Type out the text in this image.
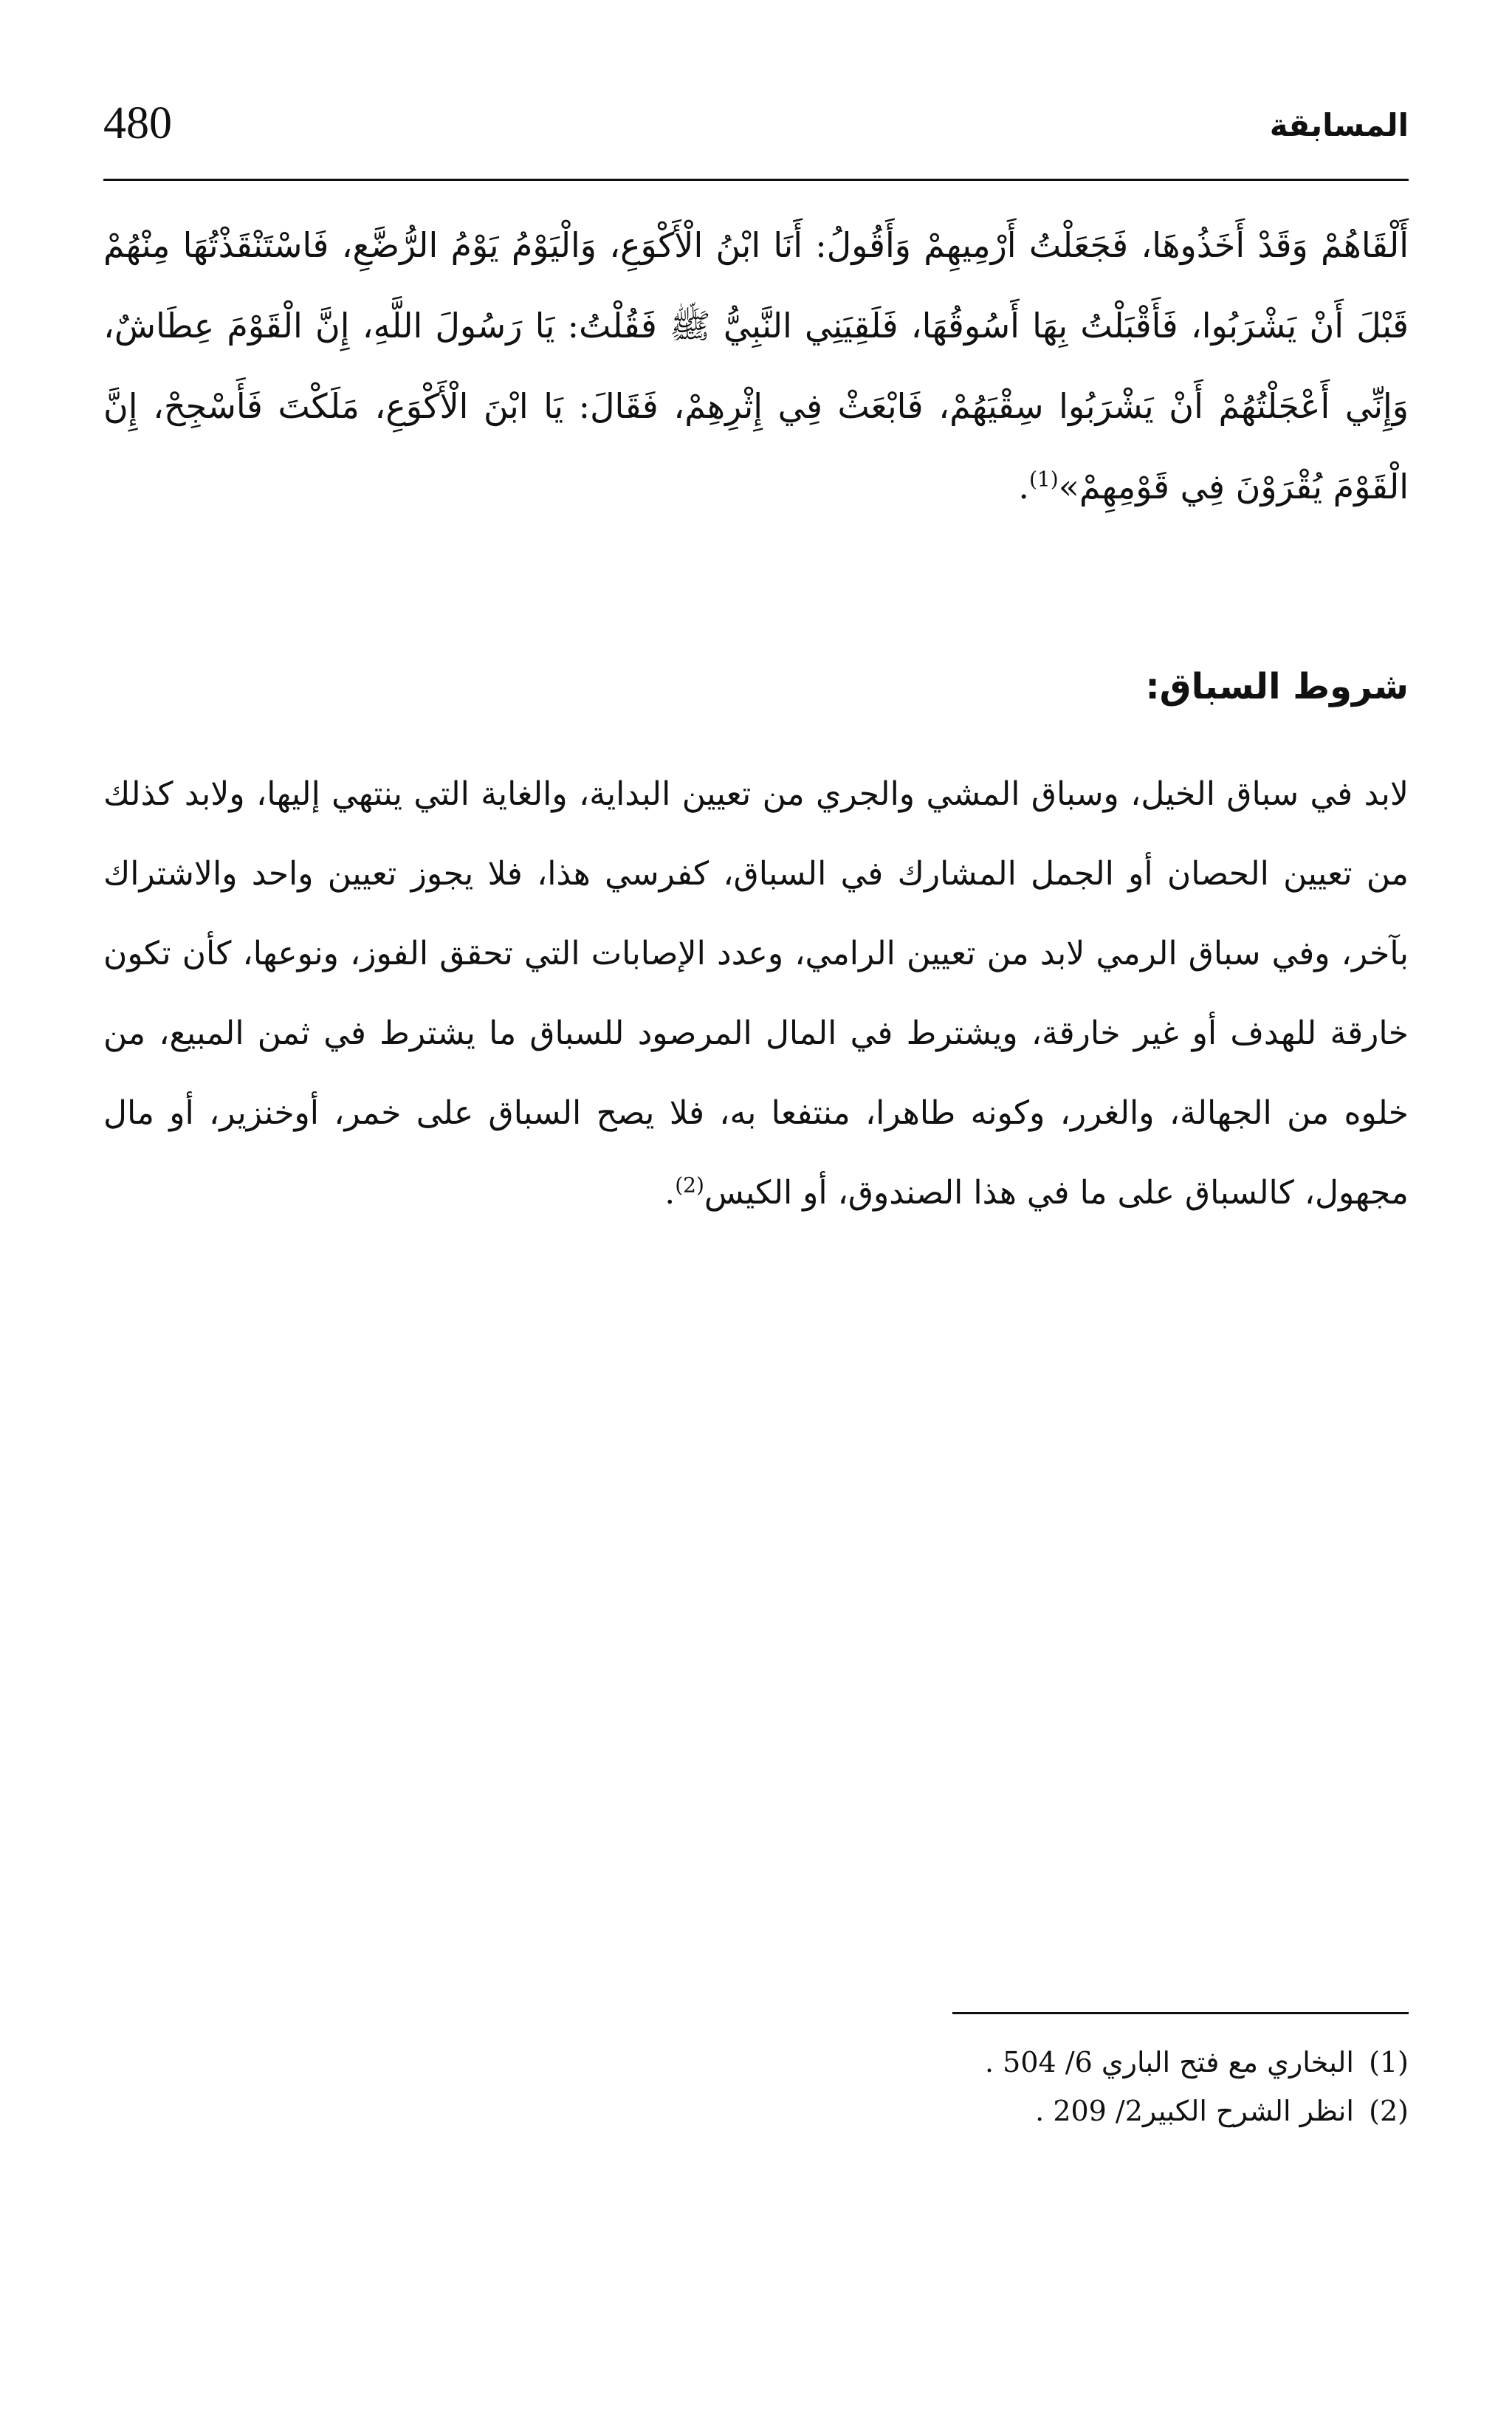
المسابقة
480
أَلْقَاهُمْ وَقَدْ أَخَذُوهَا، فَجَعَلْتُ أَرْمِيهِمْ وَأَقُولُ: أَنَا ابْنُ الْأَكْوَعِ، وَالْيَوْمُ يَوْمُ الرُّضَّعِ، فَاسْتَنْقَذْتُهَا مِنْهُمْ قَبْلَ أَنْ يَشْرَبُوا، فَأَقْبَلْتُ بِهَا أَسُوقُهَا، فَلَقِيَنِي النَّبِيُّ ﷺ فَقُلْتُ: يَا رَسُولَ اللَّهِ، إِنَّ الْقَوْمَ عِطَاشٌ، وَإِنِّي أَعْجَلْتُهُمْ أَنْ يَشْرَبُوا سِقْيَهُمْ، فَابْعَثْ فِي إِثْرِهِمْ، فَقَالَ: يَا ابْنَ الْأَكْوَعِ، مَلَكْتَ فَأَسْجِحْ، إِنَّ الْقَوْمَ يُقْرَوْنَ فِي قَوْمِهِمْ»$^{(1)}$.
شروط السباق:
لابد في سباق الخيل، وسباق المشي والجري من تعيين البداية، والغاية التي ينتهي إليها، ولابد كذلك من تعيين الحصان أو الجمل المشارك في السباق، كفرسي هذا، فلا يجوز تعيين واحد والاشتراك بآخر، وفي سباق الرمي لابد من تعيين الرامي، وعدد الإصابات التي تحقق الفوز، ونوعها، كأن تكون خارقة للهدف أو غير خارقة، ويشترط في المال المرصود للسباق ما يشترط في ثمن المبيع، من خلوه من الجهالة، والغرر، وكونه طاهرا، منتفعا به، فلا يصح السباق على خمر، أوخنزير، أو مال مجهول، كالسباق على ما في هذا الصندوق، أو الكيس$^{(2)}$.
(1) البخاري مع فتح الباري 6/ 504 .
(2) انظر الشرح الكبير2/ 209 .
